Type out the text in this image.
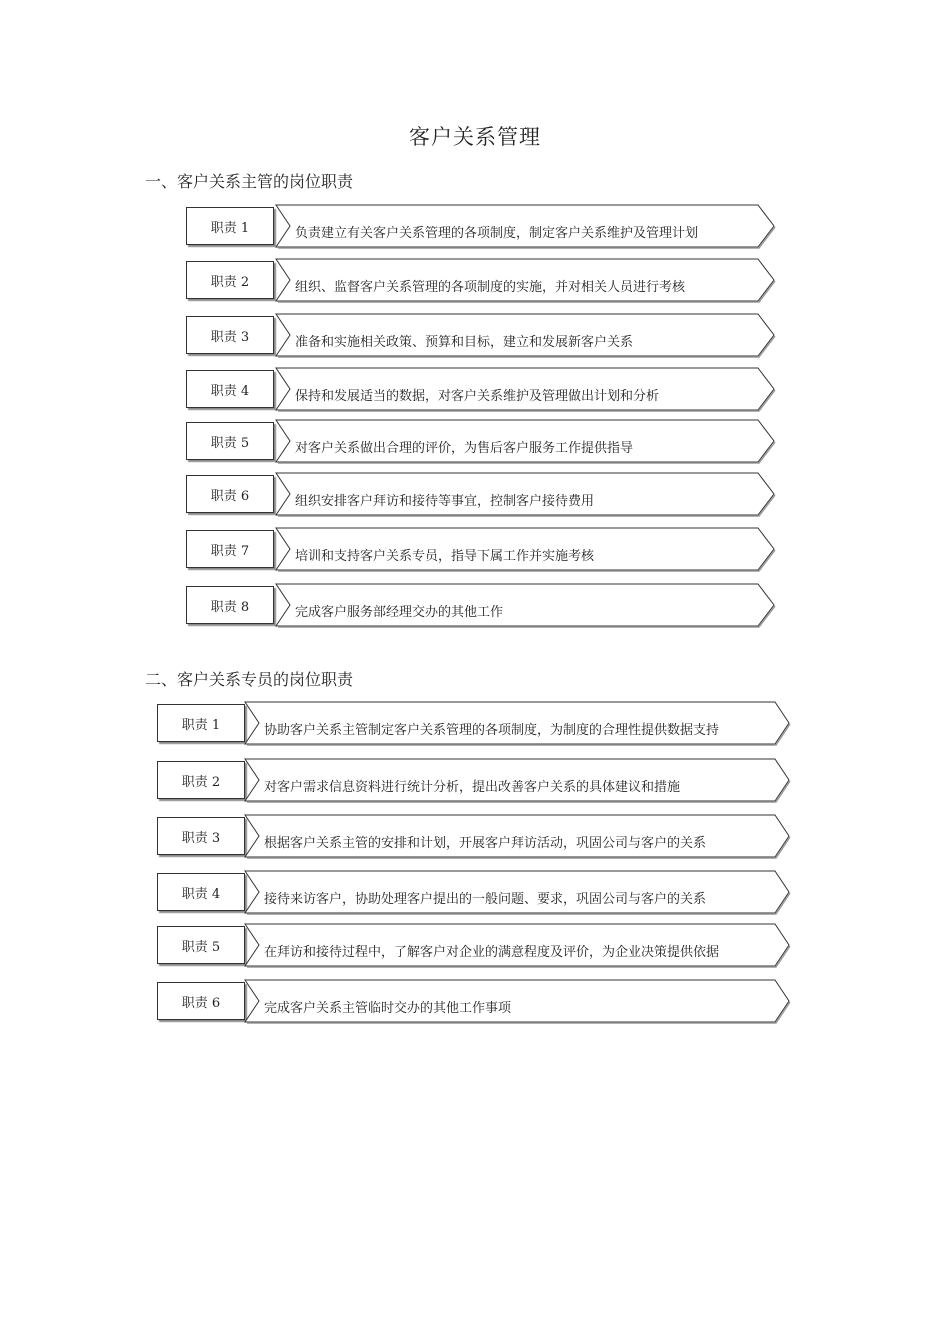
客户关系管理
一、客户关系主管的岗位职责
职责 1	负责建立有关客户关系管理的各项制度，制定客户关系维护及管理计划
职责 2	组织、监督客户关系管理的各项制度的实施，并对相关人员进行考核
职责 3	准备和实施相关政策、预算和目标，建立和发展新客户关系
职责 4	保持和发展适当的数据，对客户关系维护及管理做出计划和分析
职责 5	对客户关系做出合理的评价，为售后客户服务工作提供指导
职责 6	组织安排客户拜访和接待等事宜，控制客户接待费用
职责 7	培训和支持客户关系专员，指导下属工作并实施考核
职责 8	完成客户服务部经理交办的其他工作
二、客户关系专员的岗位职责
职责 1	协助客户关系主管制定客户关系管理的各项制度，为制度的合理性提供数据支持
职责 2	对客户需求信息资料进行统计分析，提出改善客户关系的具体建议和措施
职责 3	根据客户关系主管的安排和计划，开展客户拜访活动，巩固公司与客户的关系
职责 4	接待来访客户，协助处理客户提出的一般问题、要求，巩固公司与客户的关系
职责 5	在拜访和接待过程中，了解客户对企业的满意程度及评价，为企业决策提供依据
职责 6	完成客户关系主管临时交办的其他工作事项
